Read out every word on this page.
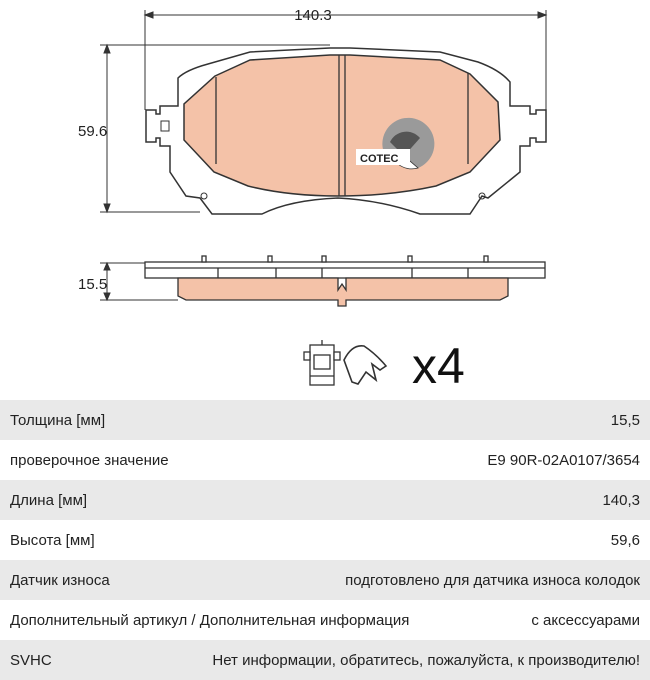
140.3
59.6
COTEC
15.5
x4
Толщина [мм]	15,5
проверочное значение	E9 90R-02A0107/3654
Длина [мм]	140,3
Высота [мм]	59,6
Датчик износа	подготовлено для датчика износа колодок
Дополнительный артикул / Дополнительная информация	с аксессуарами
SVHC	Нет информации, обратитесь, пожалуйста, к производителю!
